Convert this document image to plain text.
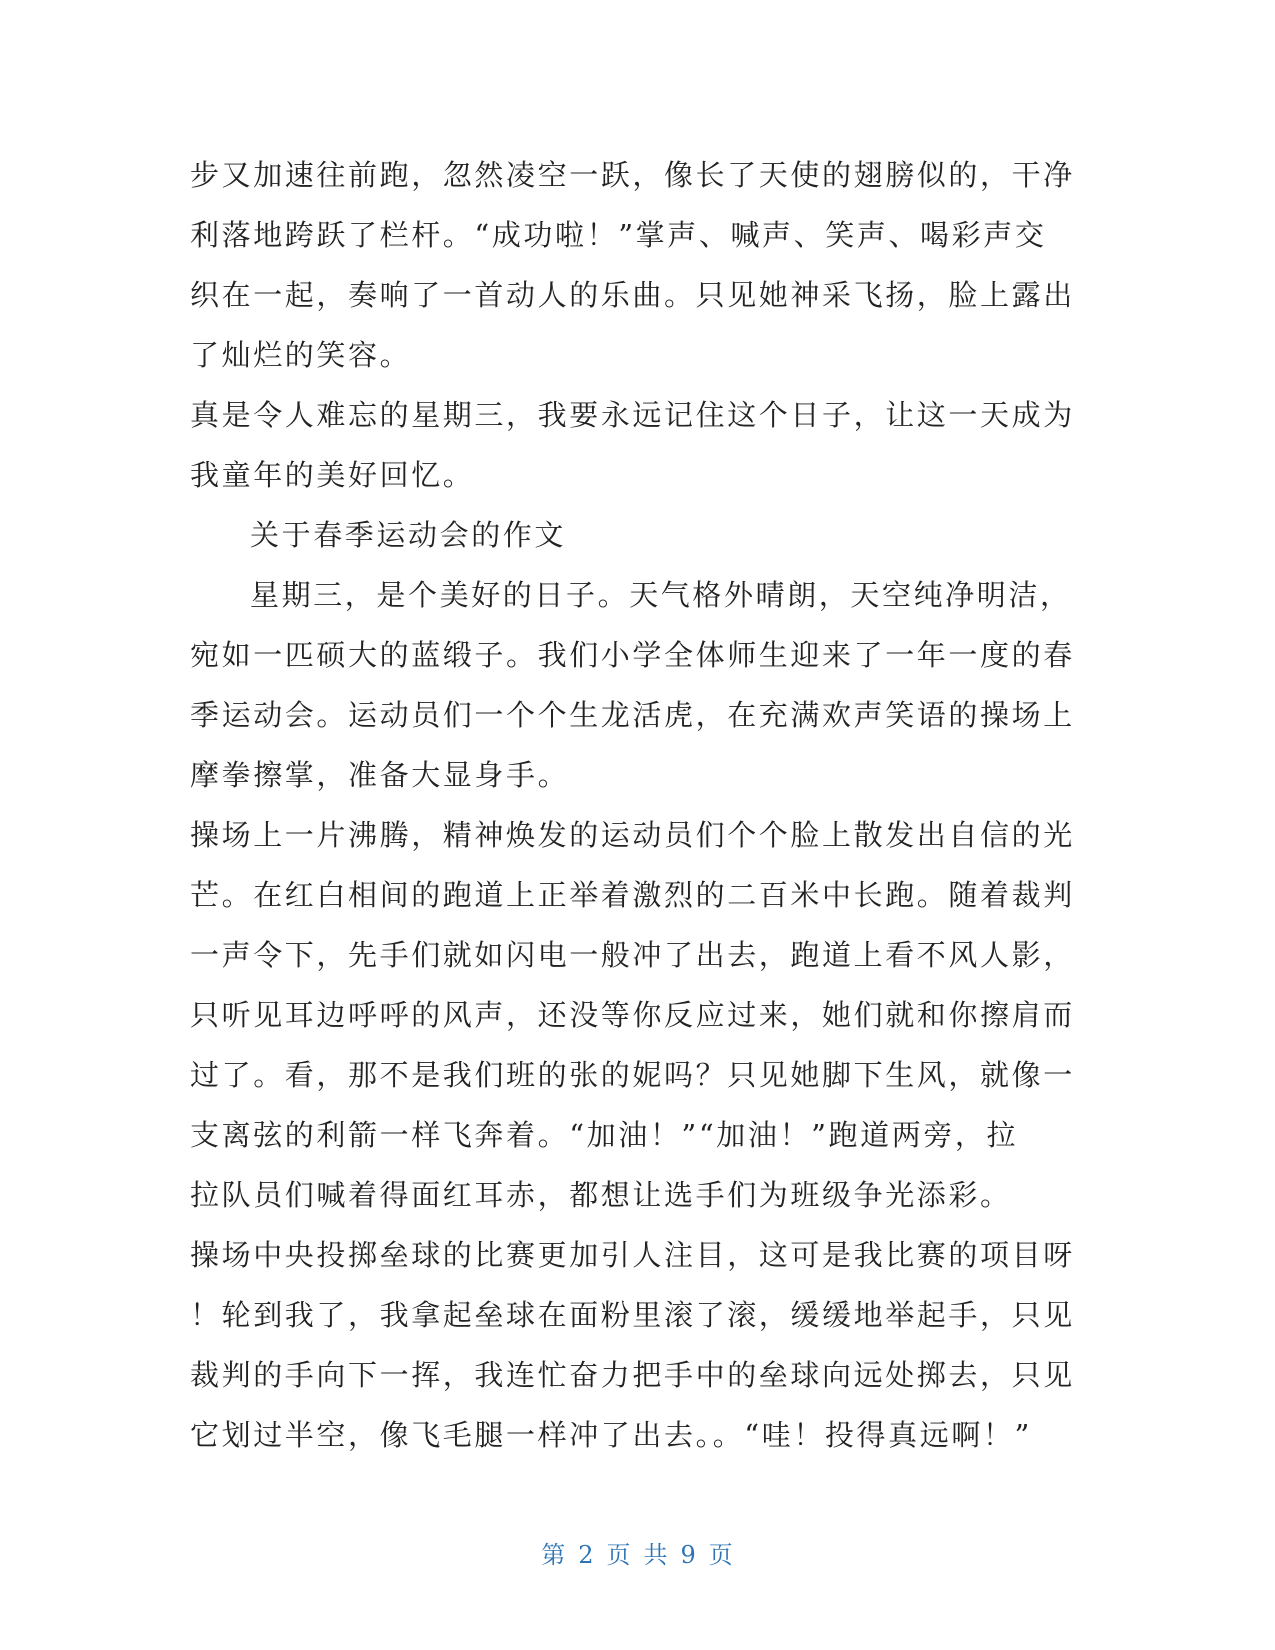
步又加速往前跑，忽然凌空一跃，像长了天使的翅膀似的，干净
利落地跨跃了栏杆。“成功啦！”掌声、喊声、笑声、喝彩声交
织在一起，奏响了一首动人的乐曲。只见她神采飞扬，脸上露出
了灿烂的笑容。
真是令人难忘的星期三，我要永远记住这个日子，让这一天成为
我童年的美好回忆。
关于春季运动会的作文
星期三，是个美好的日子。天气格外晴朗，天空纯净明洁，
宛如一匹硕大的蓝缎子。我们小学全体师生迎来了一年一度的春
季运动会。运动员们一个个生龙活虎，在充满欢声笑语的操场上
摩拳擦掌，准备大显身手。
操场上一片沸腾，精神焕发的运动员们个个脸上散发出自信的光
芒。在红白相间的跑道上正举着激烈的二百米中长跑。随着裁判
一声令下，先手们就如闪电一般冲了出去，跑道上看不风人影，
只听见耳边呼呼的风声，还没等你反应过来，她们就和你擦肩而
过了。看，那不是我们班的张的妮吗？只见她脚下生风，就像一
支离弦的利箭一样飞奔着。“加油！”“加油！”跑道两旁，拉
拉队员们喊着得面红耳赤，都想让选手们为班级争光添彩。
操场中央投掷垒球的比赛更加引人注目，这可是我比赛的项目呀
！轮到我了，我拿起垒球在面粉里滚了滚，缓缓地举起手，只见
裁判的手向下一挥，我连忙奋力把手中的垒球向远处掷去，只见
它划过半空，像飞毛腿一样冲了出去。。“哇！投得真远啊！”
第 2 页 共 9 页
